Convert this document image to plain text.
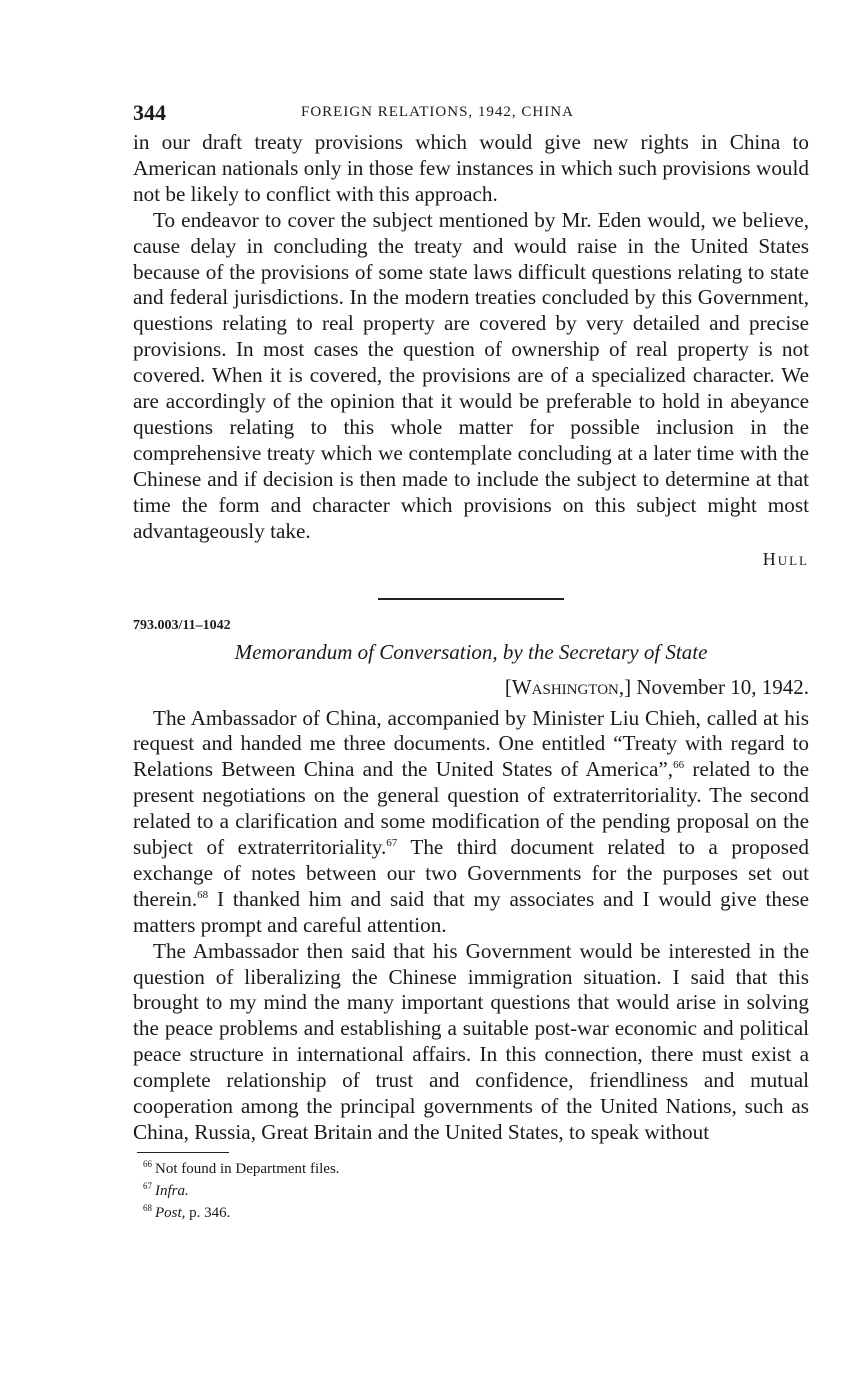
344	FOREIGN RELATIONS, 1942, CHINA

in our draft treaty provisions which would give new rights in China to American nationals only in those few instances in which such provisions would not be likely to conflict with this approach.

To endeavor to cover the subject mentioned by Mr. Eden would, we believe, cause delay in concluding the treaty and would raise in the United States because of the provisions of some state laws difficult questions relating to state and federal jurisdictions. In the modern treaties concluded by this Government, questions relating to real property are covered by very detailed and precise provisions. In most cases the question of ownership of real property is not covered. When it is covered, the provisions are of a specialized character. We are accordingly of the opinion that it would be preferable to hold in abeyance questions relating to this whole matter for possible inclusion in the comprehensive treaty which we contemplate concluding at a later time with the Chinese and if decision is then made to include the subject to determine at that time the form and character which provisions on this subject might most advantageously take.

Hull
793.003/11–1042
Memorandum of Conversation, by the Secretary of State
[Washington,] November 10, 1942.

The Ambassador of China, accompanied by Minister Liu Chieh, called at his request and handed me three documents. One entitled “Treaty with regard to Relations Between China and the United States of America”,$^{66}$ related to the present negotiations on the general question of extraterritoriality. The second related to a clarification and some modification of the pending proposal on the subject of extraterritoriality.$^{67}$ The third document related to a proposed exchange of notes between our two Governments for the purposes set out therein.$^{68}$ I thanked him and said that my associates and I would give these matters prompt and careful attention.

The Ambassador then said that his Government would be interested in the question of liberalizing the Chinese immigration situation. I said that this brought to my mind the many important questions that would arise in solving the peace problems and establishing a suitable post-war economic and political peace structure in international affairs. In this connection, there must exist a complete relationship of trust and confidence, friendliness and mutual cooperation among the principal governments of the United Nations, such as China, Russia, Great Britain and the United States, to speak without

$^{66}$ Not found in Department files.
$^{67}$ Infra.
$^{68}$ Post, p. 346.
